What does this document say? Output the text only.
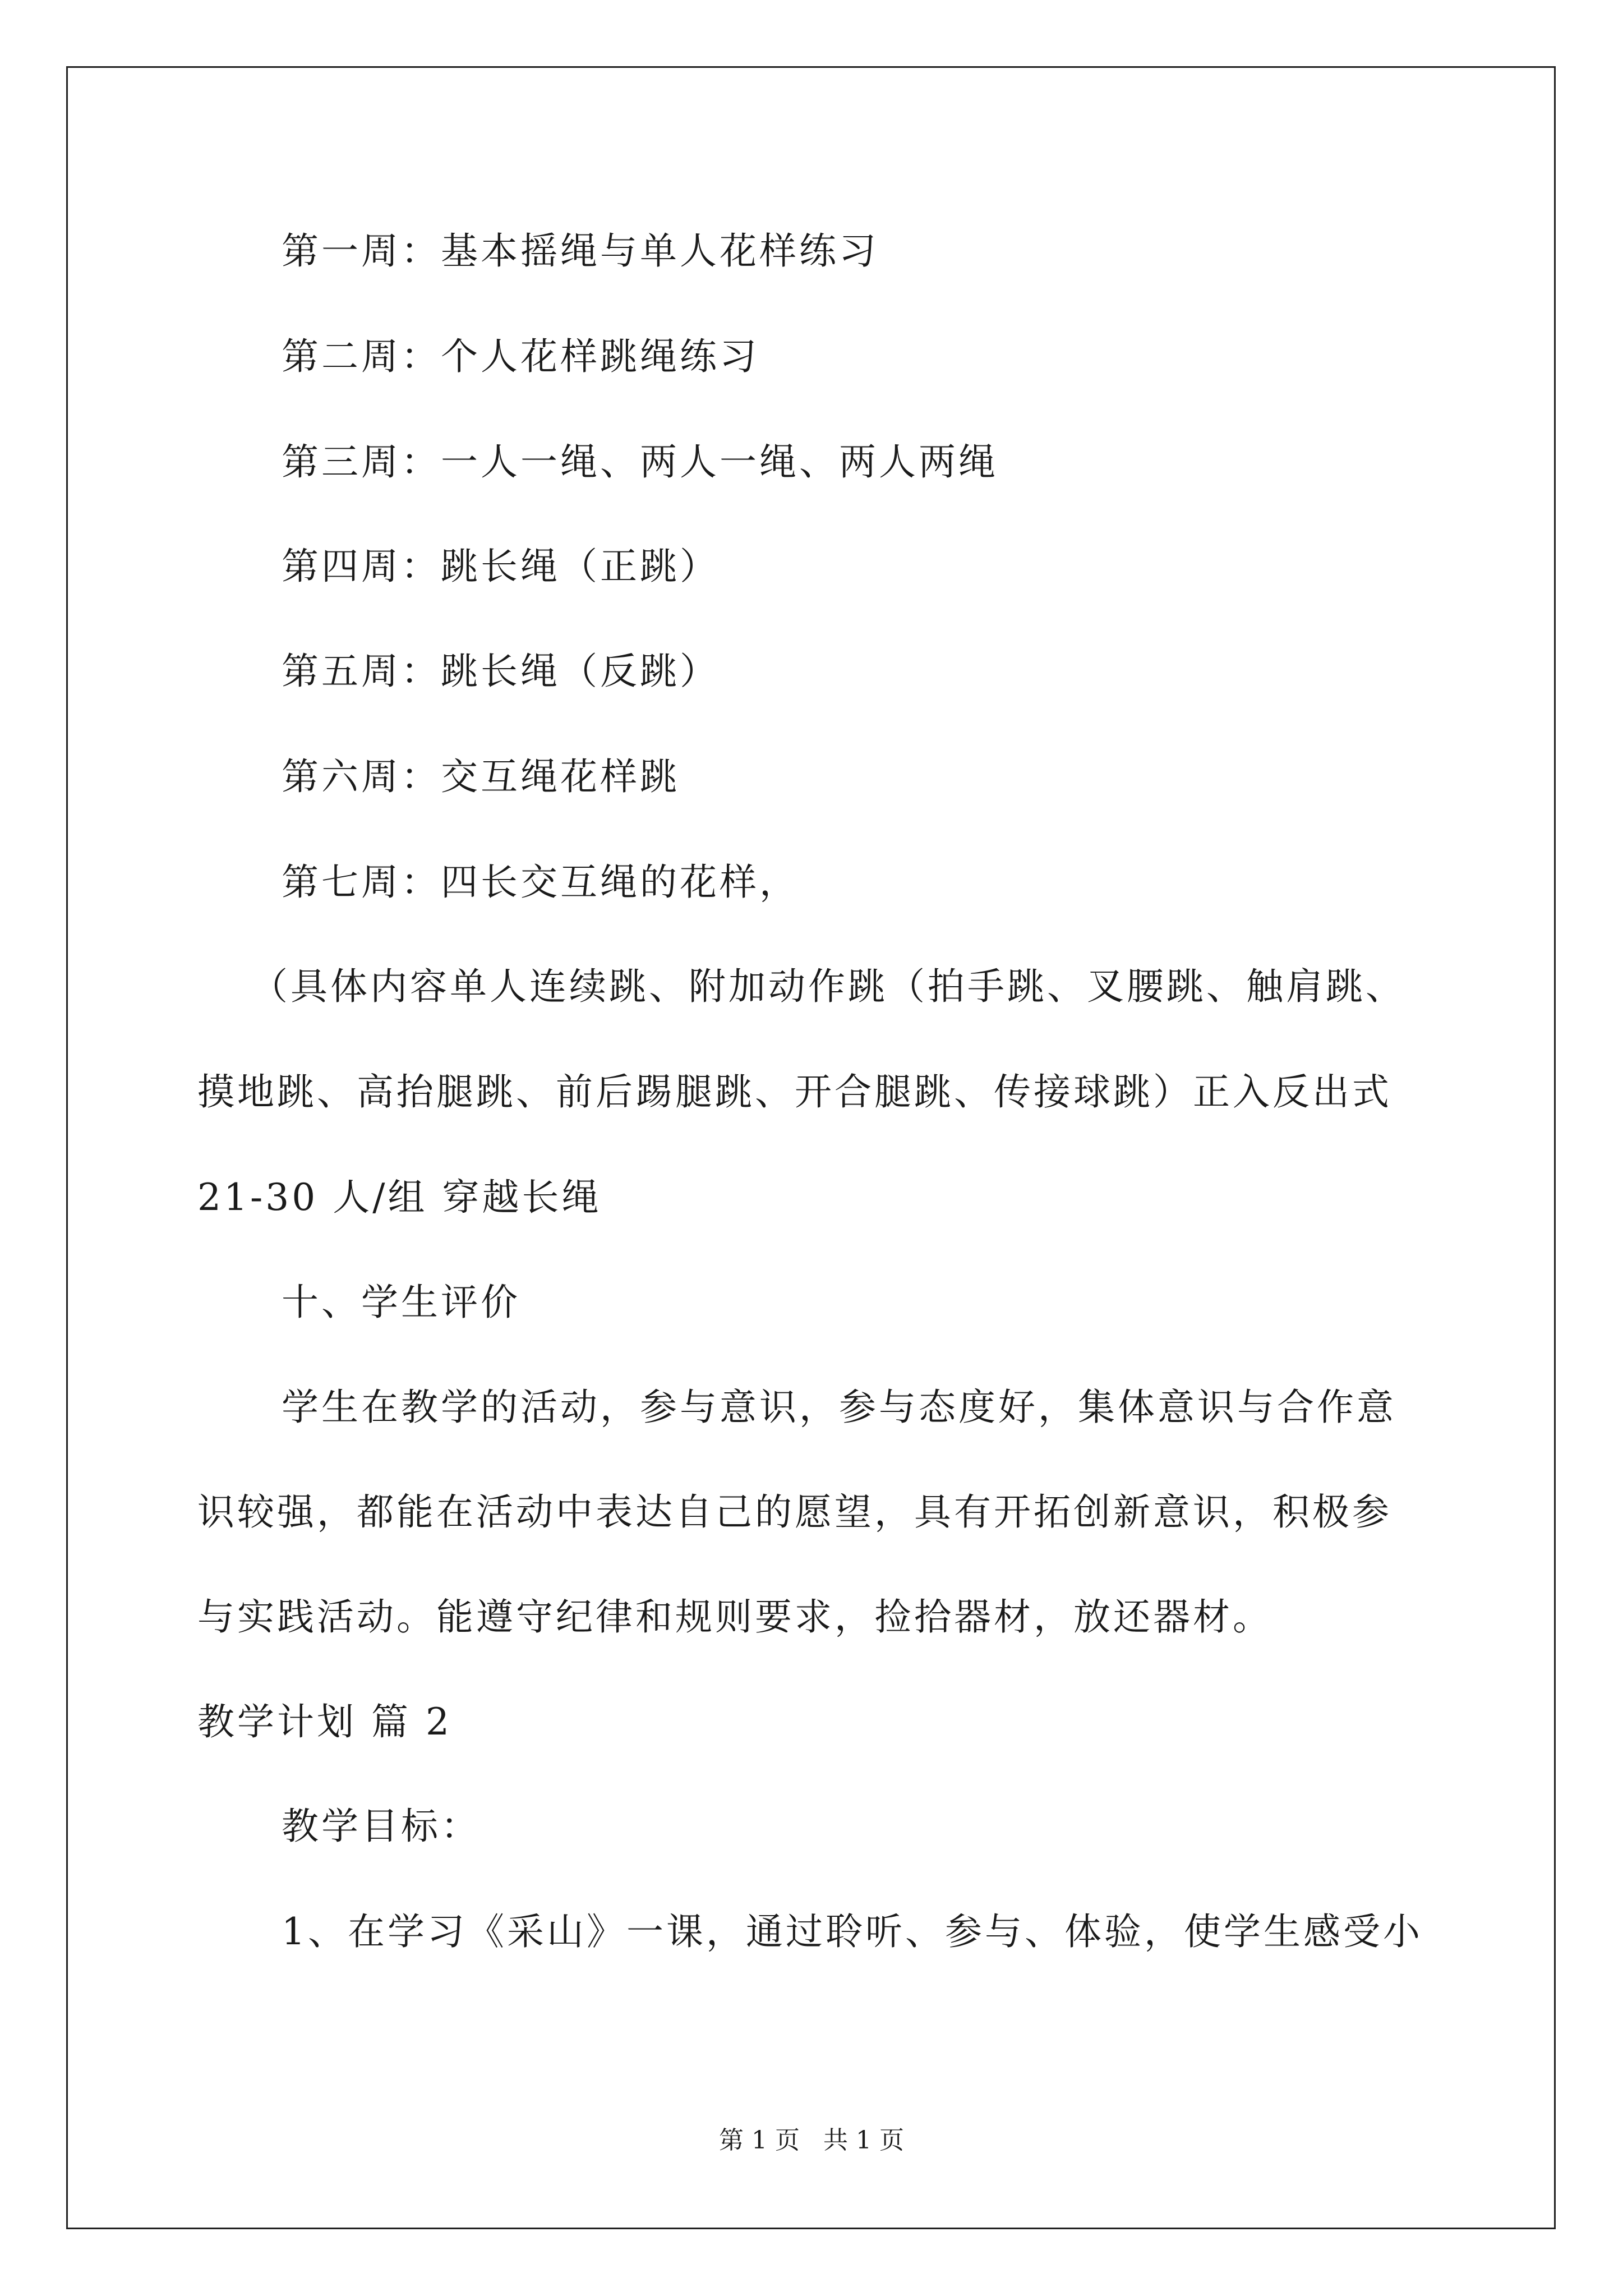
第一周：基本摇绳与单人花样练习
第二周：个人花样跳绳练习
第三周：一人一绳、两人一绳、两人两绳
第四周：跳长绳（正跳）
第五周：跳长绳（反跳）
第六周：交互绳花样跳
第七周：四长交互绳的花样，
（具体内容单人连续跳、附加动作跳（拍手跳、叉腰跳、触肩跳、
摸地跳、高抬腿跳、前后踢腿跳、开合腿跳、传接球跳）正入反出式
21-30 人/组 穿越长绳
十、学生评价
学生在教学的活动，参与意识，参与态度好，集体意识与合作意
识较强，都能在活动中表达自己的愿望，具有开拓创新意识，积极参
与实践活动。能遵守纪律和规则要求，捡拾器材，放还器材。
教学计划 篇 2
教学目标：
1、在学习《采山》一课，通过聆听、参与、体验，使学生感受小
第 1 页   共 1 页
